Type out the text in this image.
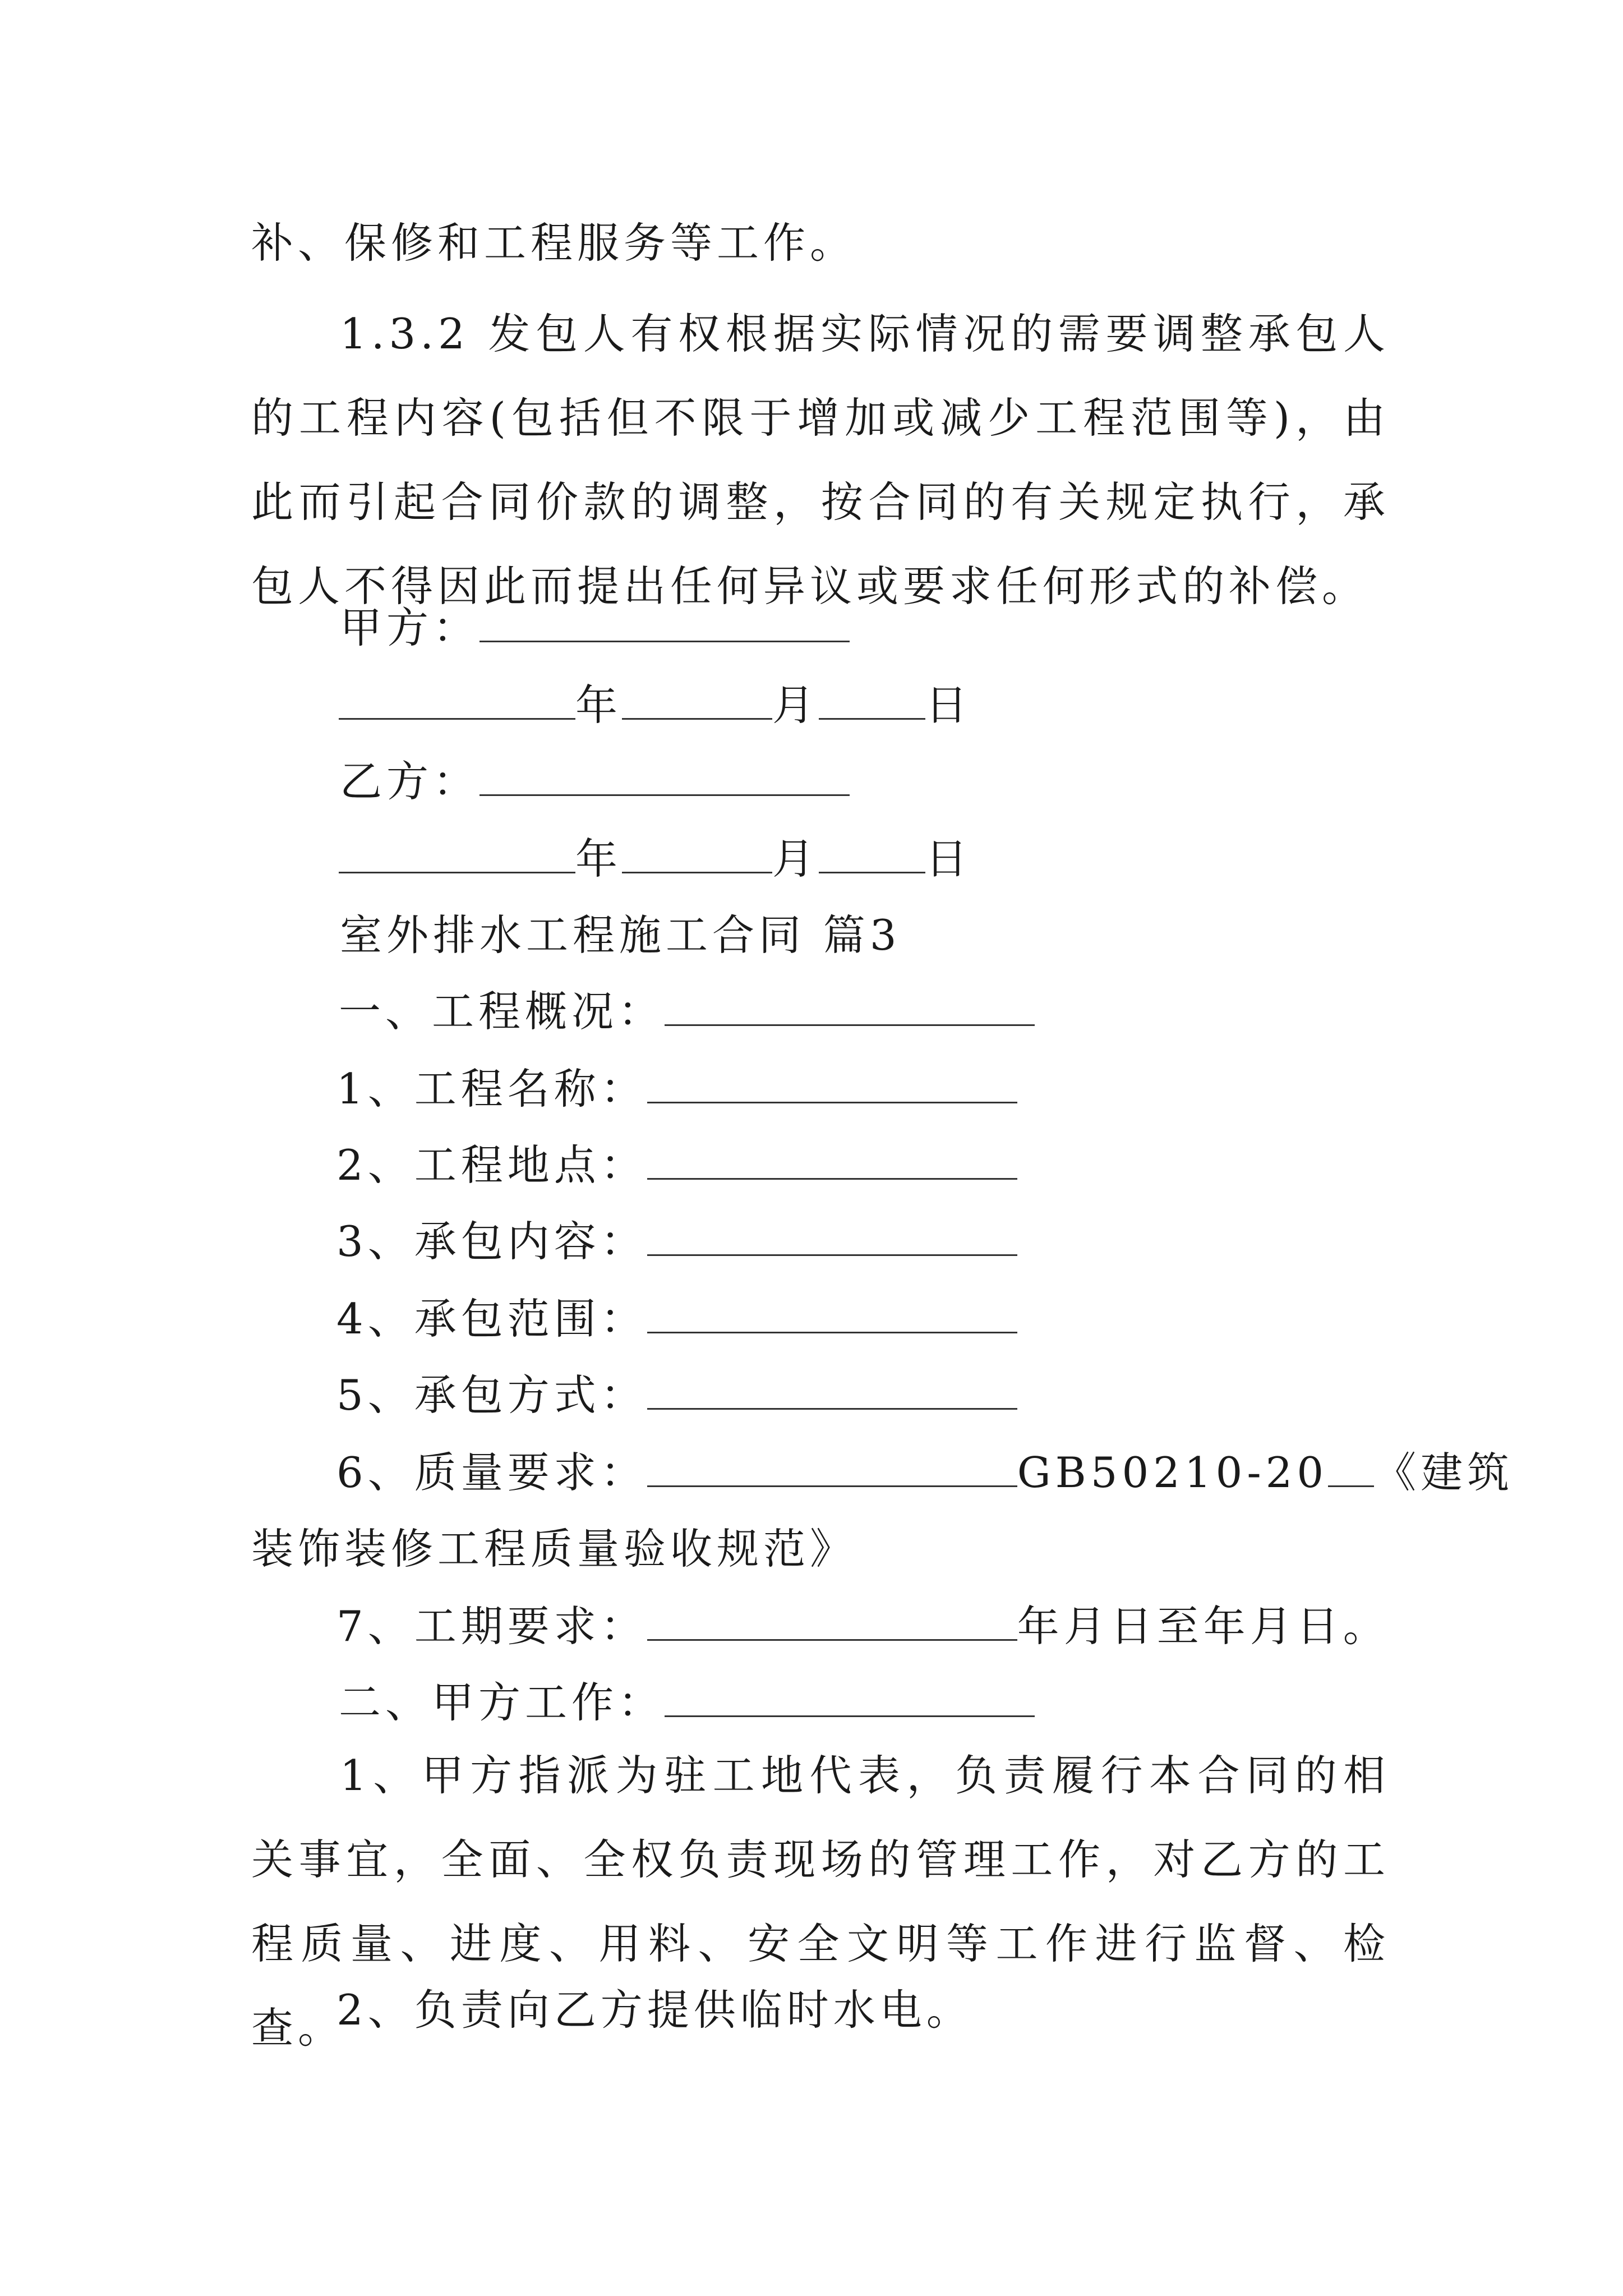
补、保修和工程服务等工作。

1.3.2 发包人有权根据实际情况的需要调整承包人的工程内容(包括但不限于增加或减少工程范围等)，由此而引起合同价款的调整，按合同的有关规定执行，承包人不得因此而提出任何异议或要求任何形式的补偿。

甲方：
年	月	日
乙方：
年	月	日
室外排水工程施工合同 篇3
一、工程概况：
1、工程名称：
2、工程地点：
3、承包内容：
4、承包范围：
5、承包方式：
6、质量要求：	GB50210-20 《建筑
装饰装修工程质量验收规范》
7、工期要求：	年月日至年月日。
二、甲方工作：

1、甲方指派为驻工地代表，负责履行本合同的相关事宜，全面、全权负责现场的管理工作，对乙方的工程质量、进度、用料、安全文明等工作进行监督、检查。

2、负责向乙方提供临时水电。
